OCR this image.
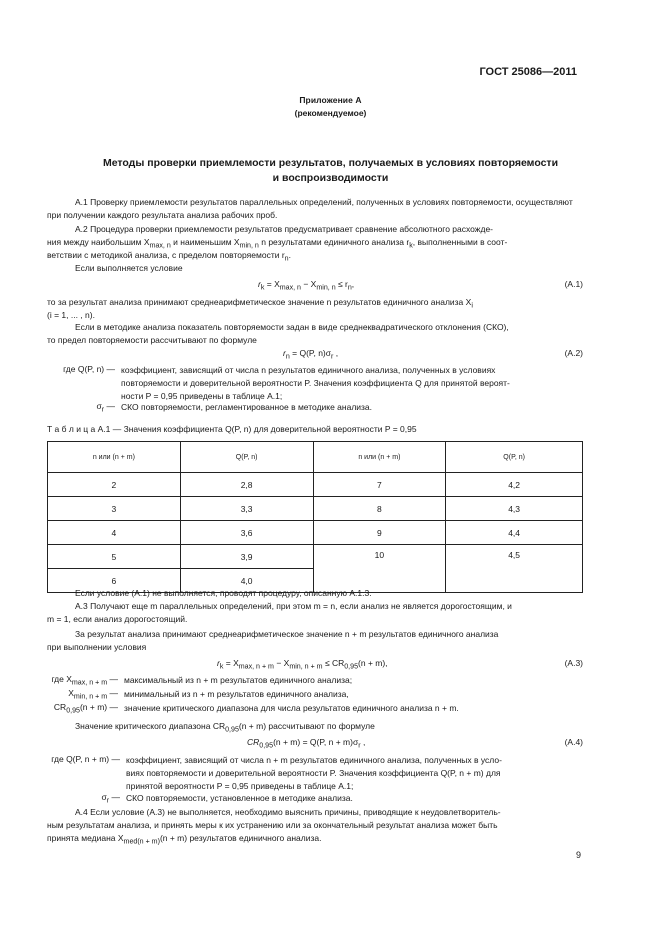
ГОСТ 25086—2011
Приложение А
(рекомендуемое)
Методы проверки приемлемости результатов, получаемых в условиях повторяемости
и воспроизводимости
А.1 Проверку приемлемости результатов параллельных определений, полученных в условиях повторяемости, осуществляют при получении каждого результата анализа рабочих проб.
А.2 Процедура проверки приемлемости результатов предусматривает сравнение абсолютного расхожде-
ния между наибольшим $X_{max, n}$ и наименьшим $X_{min, n}$ n результатами единичного анализа $r_k$, выполненными в соот-
ветствии с методикой анализа, с пределом повторяемости $r_n$.
Если выполняется условие
$r_k = X_{max, n} - X_{min, n} \le r_n$,	(А.1)
то за результат анализа принимают среднеарифметическое значение n результатов единичного анализа $X_i$
(i = 1, ... , n).
Если в методике анализа показатель повторяемости задан в виде среднеквадратического отклонения (СКО),
то предел повторяемости рассчитывают по формуле
$r_n = Q(P$, $n)\sigma_r$ ,	(А.2)
где Q(P, n) — коэффициент, зависящий от числа n результатов единичного анализа, полученных в условиях
повторяемости и доверительной вероятности P. Значения коэффициента Q для принятой вероят-
ности P = 0,95 приведены в таблице А.1;
$\sigma_r$ — СКО повторяемости, регламентированное в методике анализа.
Т а б л и ц а А.1 — Значения коэффициента Q(P, n) для доверительной вероятности P = 0,95
n или (n + m)	Q(P, n)	n или (n + m)	Q(P, n)
2	2,8	7	4,2
3	3,3	8	4,3
4	3,6	9	4,4
5	3,9	10	4,5
6	4,0		
Если условие (А.1) не выполняется, проводят процедуру, описанную А.1.3.
А.3 Получают еще m параллельных определений, при этом m = n, если анализ не является дорогостоящим, и
m = 1, если анализ дорогостоящий.
За результат анализа принимают среднеарифметическое значение n + m результатов единичного анализа
при выполнении условия
$r_k = X_{max, n + m} - X_{min, n + m} \le CR_{0,95}(n + m)$,	(А.3)
где $X_{max, n + m}$ — максимальный из n + m результатов единичного анализа;
$X_{min, n + m}$ — минимальный из n + m результатов единичного анализа,
$CR_{0,95}(n + m)$ — значение критического диапазона для числа результатов единичного анализа n + m.
Значение критического диапазона $CR_{0,95}(n + m)$ рассчитывают по формуле
$CR_{0,95}(n + m) = Q(P$, $n + m)\sigma_r$ ,	(А.4)
где Q(P, n + m) — коэффициент, зависящий от числа n + m результатов единичного анализа, полученных в усло-
виях повторяемости и доверительной вероятности P. Значения коэффициента Q(P, n + m) для
принятой вероятности P = 0,95 приведены в таблице А.1;
$\sigma_r$ — СКО повторяемости, установленное в методике анализа.
А.4 Если условие (А.3) не выполняется, необходимо выяснить причины, приводящие к неудовлетворитель-
ным результатам анализа, и принять меры к их устранению или за окончательный результат анализа может быть
принята медиана $X_{med(n + m)}(n + m)$ результатов единичного анализа.
9
